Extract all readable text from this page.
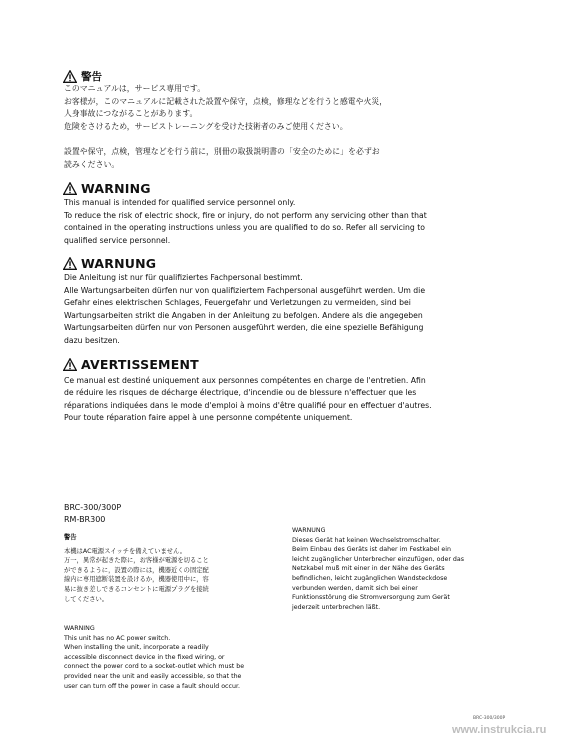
警告
このマニュアルは，サービス専用です。
お客様が，このマニュアルに記載された設置や保守，点検，修理などを行うと感電や火災，
人身事故につながることがあります。
危険をさけるため，サービストレーニングを受けた技術者のみご使用ください。
設置や保守，点検，管理などを行う前に，別冊の取扱説明書の「安全のために」を必ずお
読みください。
WARNING
This manual is intended for qualified service personnel only.
To reduce the risk of electric shock, fire or injury, do not perform any servicing other than that
contained in the operating instructions unless you are qualified to do so. Refer all servicing to
qualified service personnel.
WARNUNG
Die Anleitung ist nur für qualifiziertes Fachpersonal bestimmt.
Alle Wartungsarbeiten dürfen nur von qualifiziertem Fachpersonal ausgeführt werden. Um die
Gefahr eines elektrischen Schlages, Feuergefahr und Verletzungen zu vermeiden, sind bei
Wartungsarbeiten strikt die Angaben in der Anleitung zu befolgen. Andere als die angegeben
Wartungsarbeiten dürfen nur von Personen ausgeführt werden, die eine spezielle Befähigung
dazu besitzen.
AVERTISSEMENT
Ce manual est destiné uniquement aux personnes compétentes en charge de l'entretien. Afin
de réduire les risques de décharge électrique, d'incendie ou de blessure n'effectuer que les
réparations indiquées dans le mode d'emploi à moins d'être qualifié pour en effectuer d'autres.
Pour toute réparation faire appel à une personne compétente uniquement.
BRC-300/300P
RM-BR300
警告
本機はAC電源スイッチを備えていません。
万一，異常が起きた際に，お客様が電源を切ること
ができるように，設置の際には，機器近くの固定配
線内に専用遮断装置を設けるか，機器使用中に，容
易に抜き差しできるコンセントに電源プラグを接続
してください。
WARNING
This unit has no AC power switch.
When installing the unit, incorporate a readily
accessible disconnect device in the fixed wiring, or
connect the power cord to a socket-outlet which must be
provided near the unit and easily accessible, so that the
user can turn off the power in case a fault should occur.
WARNUNG
Dieses Gerät hat keinen Wechselstromschalter.
Beim Einbau des Geräts ist daher im Festkabel ein
leicht zugänglicher Unterbrecher einzufügen, oder das
Netzkabel muß mit einer in der Nähe des Geräts
befindlichen, leicht zugänglichen Wandsteckdose
verbunden werden, damit sich bei einer
Funktionsstörung die Stromversorgung zum Gerät
jederzeit unterbrechen läßt.
BRC-300/300P
www.instrukcia.ru
